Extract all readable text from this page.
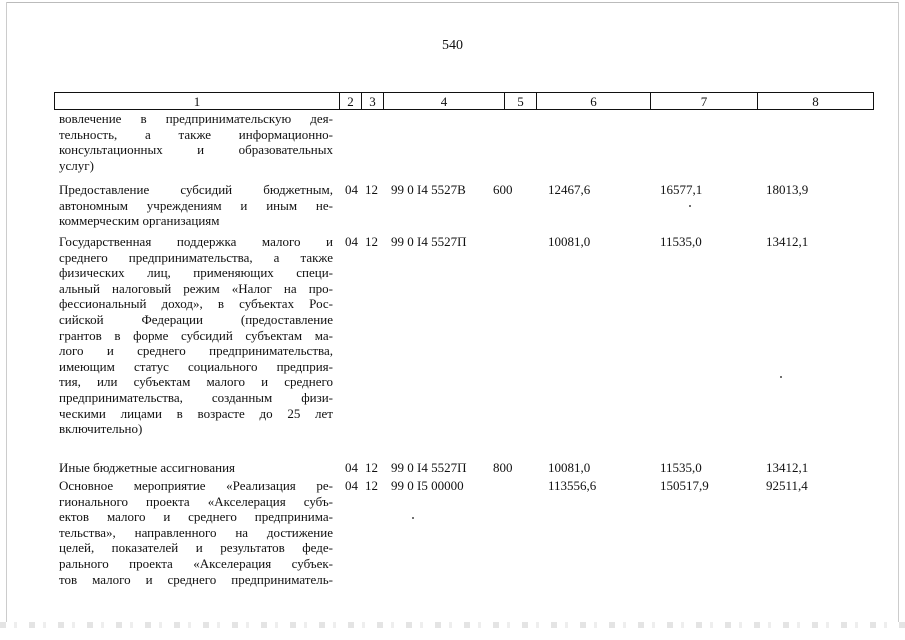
540
1	2	3	4	5	6	7	8
вовлечение в предпринимательскую дея-
тельность, а также информационно-
консультационных и образовательных
услуг)
Предоставление субсидий бюджетным,
автономным учреждениям и иным не-
коммерческим организациям
04 12 99 0 I4 5527В 600	12467,6	16577,1	18013,9
Государственная поддержка малого и
среднего предпринимательства, а также
физических лиц, применяющих специ-
альный налоговый режим «Налог на про-
фессиональный доход», в субъектах Рос-
сийской Федерации (предоставление
грантов в форме субсидий субъектам ма-
лого и среднего предпринимательства,
имеющим статус социального предприя-
тия, или субъектам малого и среднего
предпринимательства, созданным физи-
ческими лицами в возрасте до 25 лет
включительно)
04 12 99 0 I4 5527П	10081,0	11535,0	13412,1
Иные бюджетные ассигнования	04 12 99 0 I4 5527П 800	10081,0	11535,0	13412,1
Основное мероприятие «Реализация ре-
гионального проекта «Акселерация субъ-
ектов малого и среднего предпринима-
тельства», направленного на достижение
целей, показателей и результатов феде-
рального проекта «Акселерация субъек-
тов малого и среднего предприниматель-
04 12 99 0 I5 00000	113556,6	150517,9	92511,4
